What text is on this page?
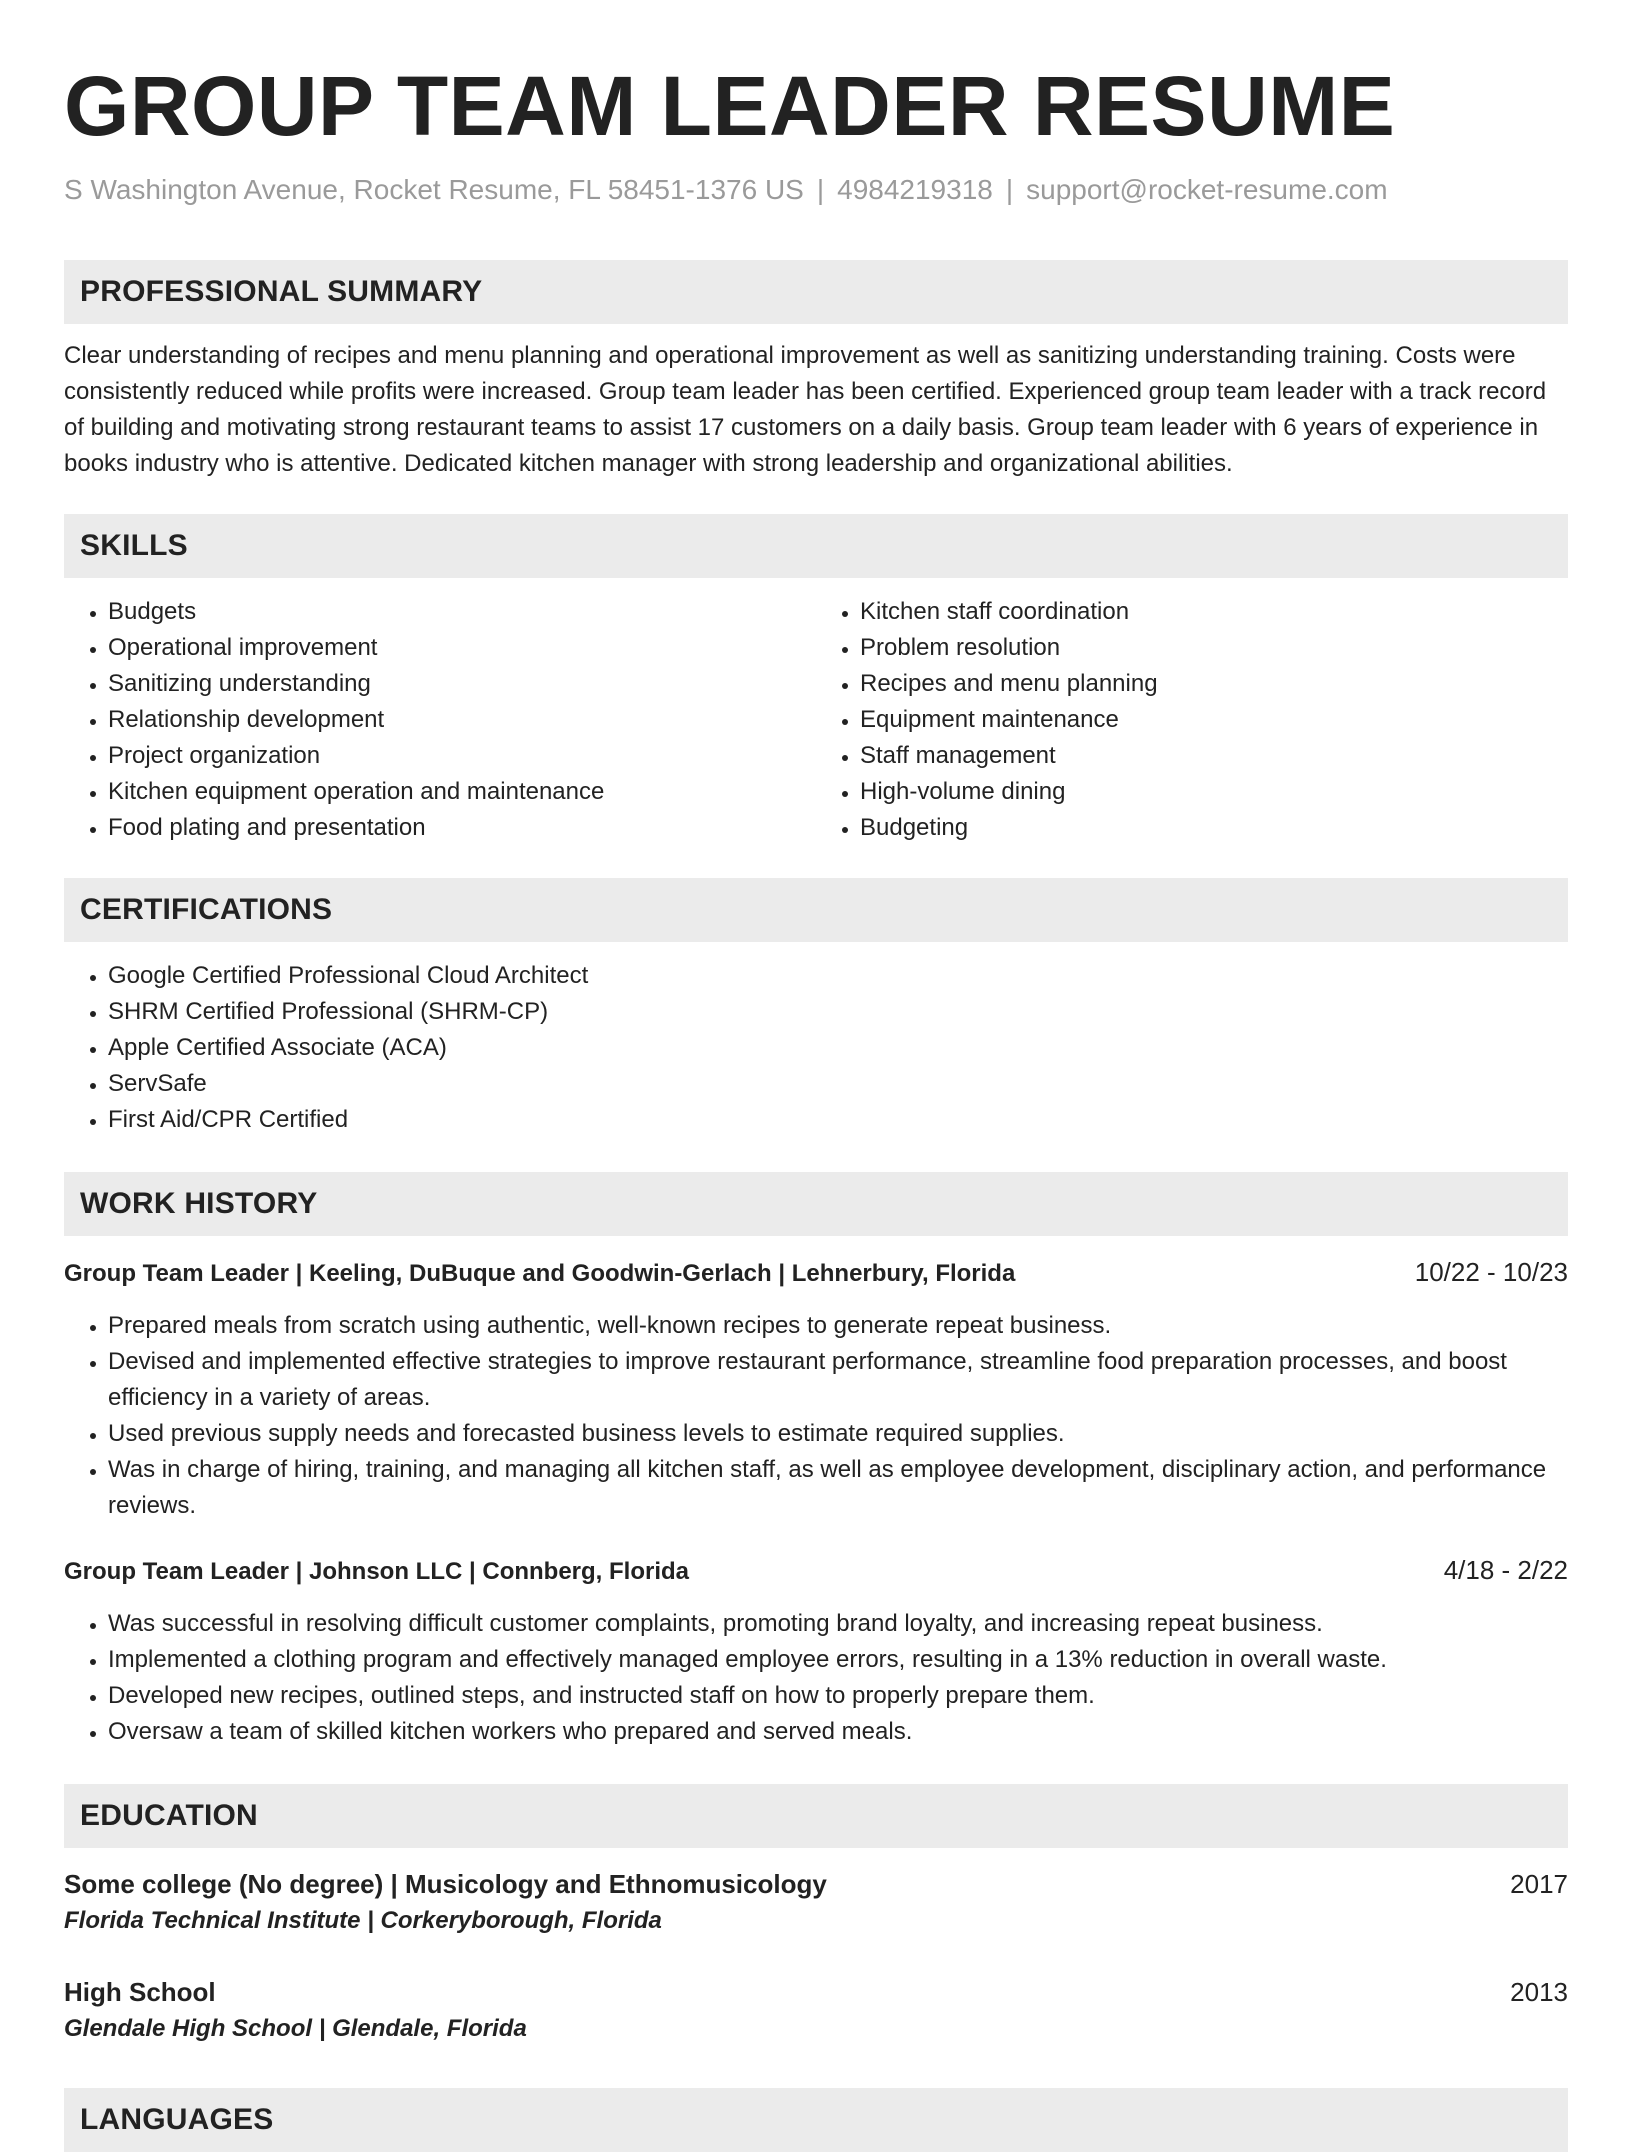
GROUP TEAM LEADER RESUME
S Washington Avenue, Rocket Resume, FL 58451-1376 US | 4984219318 | support@rocket-resume.com
PROFESSIONAL SUMMARY

Clear understanding of recipes and menu planning and operational improvement as well as sanitizing understanding training. Costs were consistently reduced while profits were increased. Group team leader has been certified. Experienced group team leader with a track record of building and motivating strong restaurant teams to assist 17 customers on a daily basis. Group team leader with 6 years of experience in books industry who is attentive. Dedicated kitchen manager with strong leadership and organizational abilities.

SKILLS
• Budgets
• Operational improvement
• Sanitizing understanding
• Relationship development
• Project organization
• Kitchen equipment operation and maintenance
• Food plating and presentation
• Kitchen staff coordination
• Problem resolution
• Recipes and menu planning
• Equipment maintenance
• Staff management
• High-volume dining
• Budgeting
CERTIFICATIONS
• Google Certified Professional Cloud Architect
• SHRM Certified Professional (SHRM-CP)
• Apple Certified Associate (ACA)
• ServSafe
• First Aid/CPR Certified
WORK HISTORY
Group Team Leader | Keeling, DuBuque and Goodwin-Gerlach | Lehnerbury, Florida	10/22 - 10/23
• Prepared meals from scratch using authentic, well-known recipes to generate repeat business.
• Devised and implemented effective strategies to improve restaurant performance, streamline food preparation processes, and boost efficiency in a variety of areas.
• Used previous supply needs and forecasted business levels to estimate required supplies.
• Was in charge of hiring, training, and managing all kitchen staff, as well as employee development, disciplinary action, and performance reviews.
Group Team Leader | Johnson LLC | Connberg, Florida	4/18 - 2/22
• Was successful in resolving difficult customer complaints, promoting brand loyalty, and increasing repeat business.
• Implemented a clothing program and effectively managed employee errors, resulting in a 13% reduction in overall waste.
• Developed new recipes, outlined steps, and instructed staff on how to properly prepare them.
• Oversaw a team of skilled kitchen workers who prepared and served meals.
EDUCATION
Some college (No degree) | Musicology and Ethnomusicology	2017
Florida Technical Institute | Corkeryborough, Florida
High School	2013
Glendale High School | Glendale, Florida
LANGUAGES
